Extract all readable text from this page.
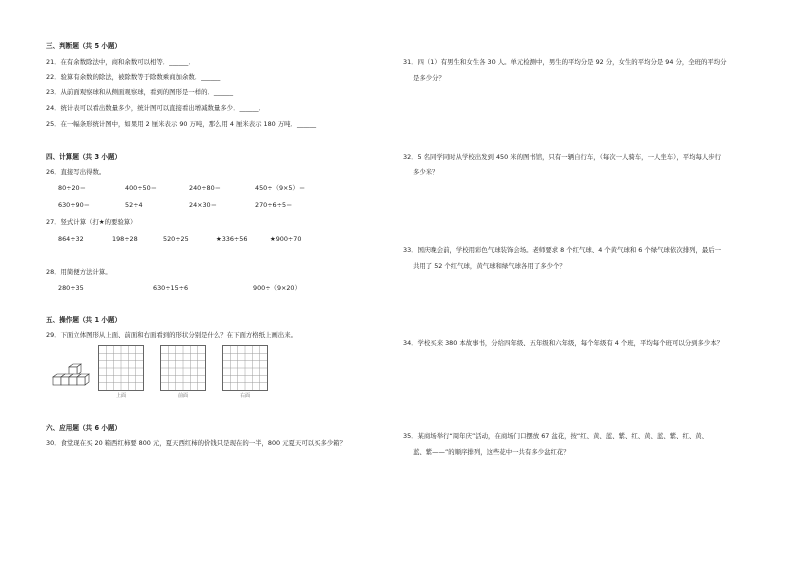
三、判断题（共 5 小题）
21．在有余数除法中，商和余数可以相等．______．
22．验算有余数的除法，被除数等于除数乘商加余数．______
23．从前面观察球和从侧面观察球，看到的图形是一样的．______
24．统计表可以看出数量多少，统计图可以直接看出增减数量多少．______．
25．在一幅条形统计图中，如果用 2 厘米表示 90 万吨，那么用 4 厘米表示 180 万吨．______
四、计算题（共 3 小题）
26．直接写出得数。
80÷20＝	400÷50＝	240÷80＝	450÷（9×5）＝
630÷90＝	52÷4	24×30＝	270÷6÷5＝
27．竖式计算（打★的要验算）
864÷32	198÷28	520÷25	★336÷56	★900÷70
28．用简便方法计算。
280÷35	630÷15÷6	900÷（9×20）
五、操作题（共 1 小题）
29．下面立体图形从上面、前面和右面看到的形状分别是什么？在下面方格纸上画出来。
上面	前面	右面
六、应用题（共 6 小题）
30．食堂现在买 20 箱西红柿要 800 元，夏天西红柿的价钱只是现在的一半，800 元夏天可以买多少箱？
31．四（1）有男生和女生各 30 人。单元检测中，男生的平均分是 92 分，女生的平均分是 94 分，全班的平均分
是多少分？
32．5 名同学同时从学校出发到 450 米的图书馆，只有一辆自行车，（每次一人骑车，一人坐车），平均每人步行
多少米？
33．国庆晚会前，学校用彩色气球装饰会场。老师要求 8 个红气球、4 个黄气球和 6 个绿气球依次排列，最后一
共用了 52 个红气球，黄气球和绿气球各用了多少个？
34．学校买来 380 本故事书，分给四年级、五年级和六年级，每个年级有 4 个班，平均每个班可以分到多少本？
35．某商场举行“周年庆”活动，在商场门口摆放 67 盆花，按“红、黄、蓝、紫、红、黄、蓝、紫、红、黄、
蓝、紫——”的顺序排列，这些花中一共有多少盆红花？
